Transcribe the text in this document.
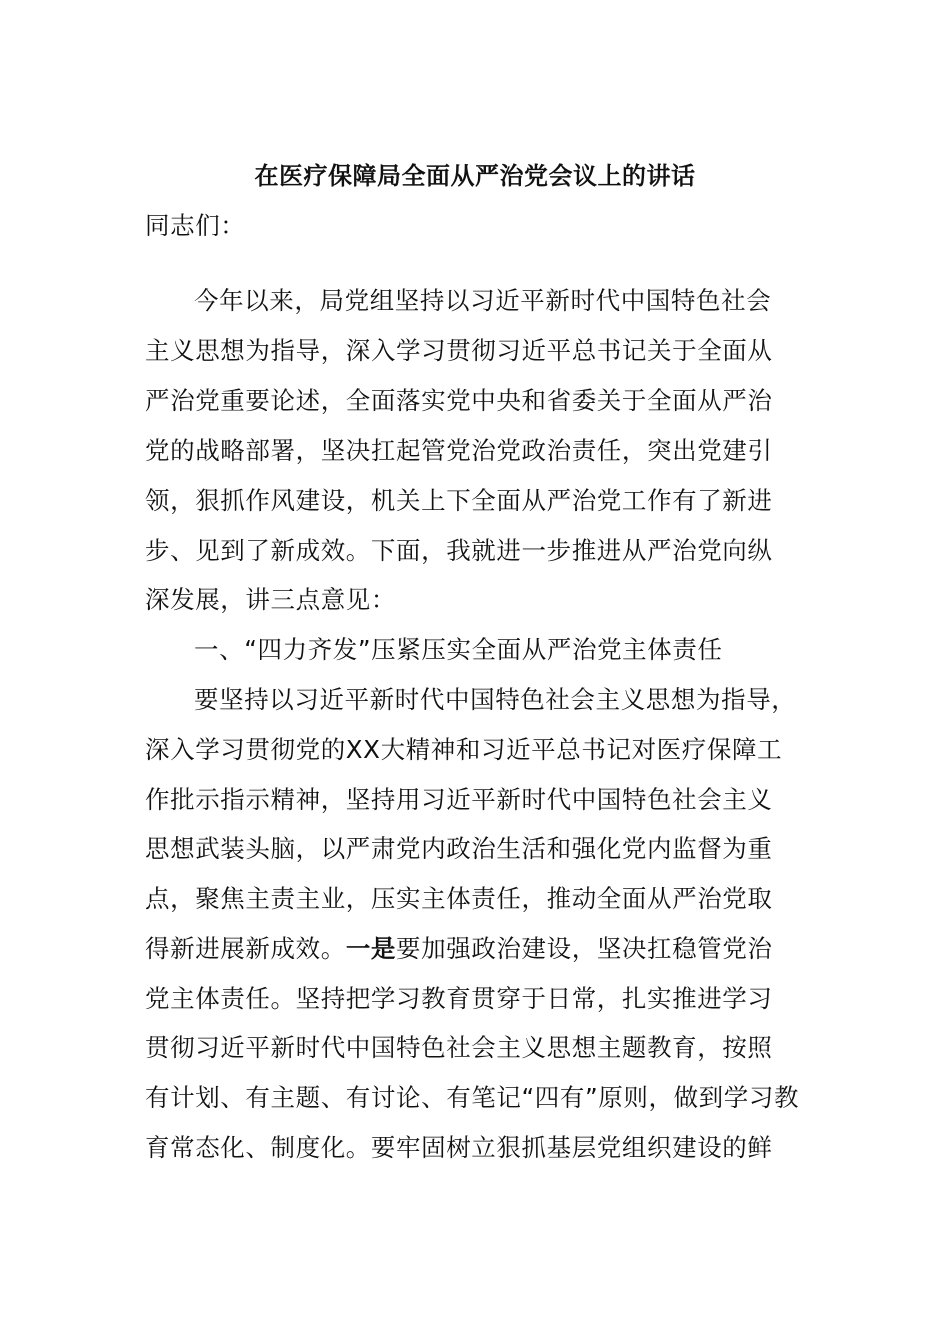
在医疗保障局全面从严治党会议上的讲话
同志们：
今年以来，局党组坚持以习近平新时代中国特色社会
主义思想为指导，深入学习贯彻习近平总书记关于全面从
严治党重要论述，全面落实党中央和省委关于全面从严治
党的战略部署，坚决扛起管党治党政治责任，突出党建引
领，狠抓作风建设，机关上下全面从严治党工作有了新进
步、见到了新成效。下面，我就进一步推进从严治党向纵
深发展，讲三点意见：
一、“四力齐发”压紧压实全面从严治党主体责任
要坚持以习近平新时代中国特色社会主义思想为指导，
深入学习贯彻党的XX大精神和习近平总书记对医疗保障工
作批示指示精神，坚持用习近平新时代中国特色社会主义
思想武装头脑，以严肃党内政治生活和强化党内监督为重
点，聚焦主责主业，压实主体责任，推动全面从严治党取
得新进展新成效。一是要加强政治建设，坚决扛稳管党治
党主体责任。坚持把学习教育贯穿于日常，扎实推进学习
贯彻习近平新时代中国特色社会主义思想主题教育，按照
有计划、有主题、有讨论、有笔记“四有”原则，做到学习教
育常态化、制度化。要牢固树立狠抓基层党组织建设的鲜
